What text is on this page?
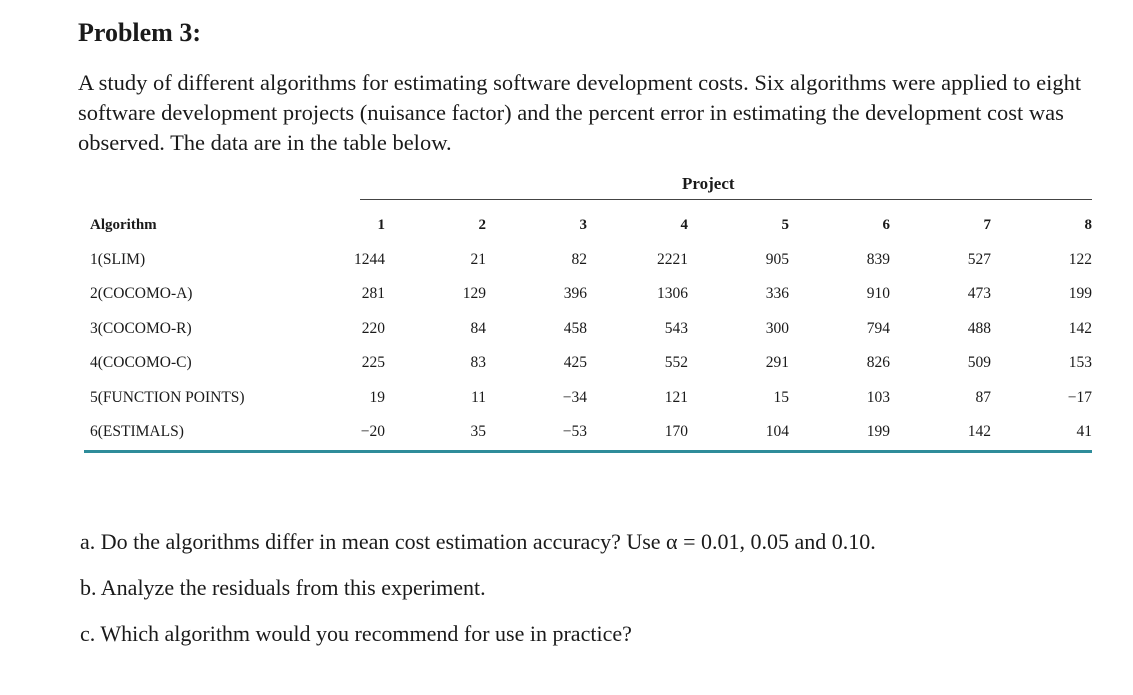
Problem 3:

A study of different algorithms for estimating software development costs. Six algorithms were applied to eight software development projects (nuisance factor) and the percent error in estimating the development cost was observed. The data are in the table below.

Project
Algorithm	1	2	3	4	5	6	7	8
1(SLIM)	1244	21	82	2221	905	839	527	122
2(COCOMO-A)	281	129	396	1306	336	910	473	199
3(COCOMO-R)	220	84	458	543	300	794	488	142
4(COCOMO-C)	225	83	425	552	291	826	509	153
5(FUNCTION POINTS)	19	11	−34	121	15	103	87	−17
6(ESTIMALS)	−20	35	−53	170	104	199	142	41
a. Do the algorithms differ in mean cost estimation accuracy? Use α = 0.01, 0.05 and 0.10.
b. Analyze the residuals from this experiment.
c. Which algorithm would you recommend for use in practice?
